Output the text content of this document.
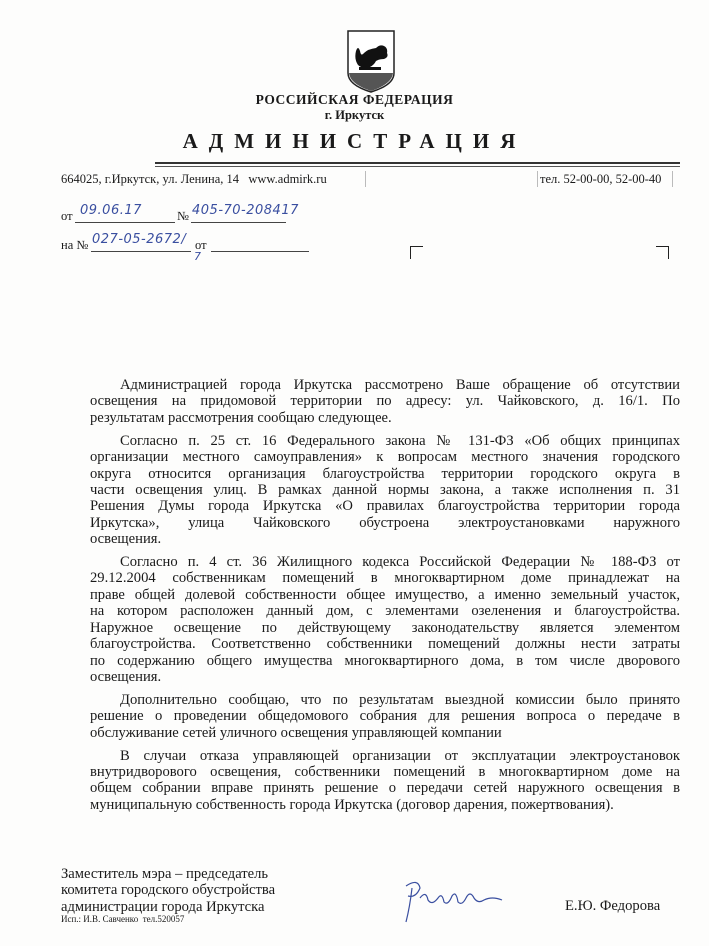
РОССИЙСКАЯ ФЕДЕРАЦИЯ
г. Иркутск
АДМИНИСТРАЦИЯ
664025, г.Иркутск, ул. Ленина, 14   www.admirk.ru	тел. 52-00-00, 52-00-40
от 09.06.17	№ 405-70-208417
на № 027-05-2672/
7
от
Администрацией города Иркутска рассмотрено Ваше обращение об отсутствии
освещения на придомовой территории по адресу: ул. Чайковского, д. 16/1. По
результатам рассмотрения сообщаю следующее.
Согласно п. 25 ст. 16 Федерального закона № 131-ФЗ «Об общих принципах
организации местного самоуправления» к вопросам местного значения городского
округа относится организация благоустройства территории городского округа в
части освещения улиц. В рамках данной нормы закона, а также исполнения п. 31
Решения Думы города Иркутска «О правилах благоустройства территории города
Иркутска», улица Чайковского обустроена электроустановками наружного
освещения.
Согласно п. 4 ст. 36 Жилищного кодекса Российской Федерации № 188-ФЗ от
29.12.2004 собственникам помещений в многоквартирном доме принадлежат на
праве общей долевой собственности общее имущество, а именно земельный участок,
на котором расположен данный дом, с элементами озеленения и благоустройства.
Наружное освещение по действующему законодательству является элементом
благоустройства. Соответственно собственники помещений должны нести затраты
по содержанию общего имущества многоквартирного дома, в том числе дворового
освещения.
Дополнительно сообщаю, что по результатам выездной комиссии было принято
решение о проведении общедомового собрания для решения вопроса о передаче в
обслуживание сетей уличного освещения управляющей компании
В случаи отказа управляющей организации от эксплуатации электроустановок
внутридворового освещения, собственники помещений в многоквартирном доме на
общем собрании вправе принять решение о передачи сетей наружного освещения в
муниципальную собственность города Иркутска (договор дарения, пожертвования).
Заместитель мэра – председатель
комитета городского обустройства
администрации города Иркутска
Исп.: И.В. Савченко  тел.520057
Е.Ю. Федорова
